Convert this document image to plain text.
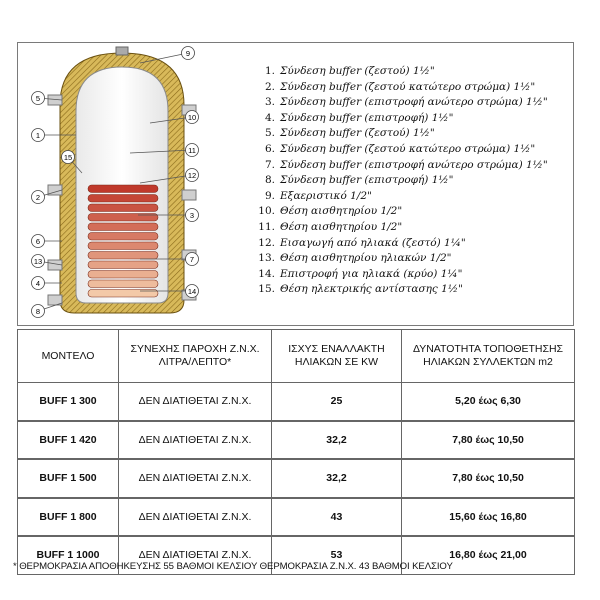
9
5
10
1
15
11
2
12
6
3
13	7
4
14
8
1. Σύνδεση buffer (ζεστού) 1½"
2. Σύνδεση buffer (ζεστού κατώτερο στρώμα) 1½"
3. Σύνδεση buffer (επιστροφή ανώτερο στρώμα) 1½"
4. Σύνδεση buffer (επιστροφή) 1½"
5. Σύνδεση buffer (ζεστού) 1½"
6. Σύνδεση buffer (ζεστού κατώτερο στρώμα) 1½"
7. Σύνδεση buffer (επιστροφή ανώτερο στρώμα) 1½"
8. Σύνδεση buffer (επιστροφή) 1½"
9. Εξαεριστικό 1/2"
10. Θέση αισθητηρίου 1/2"
11. Θέση αισθητηρίου 1/2"
12. Εισαγωγή από ηλιακά (ζεστό) 1¼"
13. Θέση αισθητηρίου ηλιακών 1/2"
14. Επιστροφή για ηλιακά (κρύο) 1¼"
15. Θέση ηλεκτρικής αντίστασης 1½"
ΜΟΝΤΕΛΟ	ΣΥΝΕΧΗΣ ΠΑΡΟΧΗ Ζ.Ν.Χ. ΛΙΤΡΑ/ΛΕΠΤΟ*	ΙΣΧΥΣ ΕΝΑΛΛΑΚΤΗ ΗΛΙΑΚΩΝ ΣΕ KW	ΔΥΝΑΤΟΤΗΤΑ ΤΟΠΟΘΕΤΗΣΗΣ ΗΛΙΑΚΩΝ ΣΥΛΛΕΚΤΩΝ m2
BUFF 1 300	ΔΕΝ ΔΙΑΤΙΘΕΤΑΙ Ζ.Ν.Χ.	25	5,20 έως 6,30

BUFF 1 420	ΔΕΝ ΔΙΑΤΙΘΕΤΑΙ Ζ.Ν.Χ.	32,2	7,80 έως 10,50

BUFF 1 500	ΔΕΝ ΔΙΑΤΙΘΕΤΑΙ Ζ.Ν.Χ.	32,2	7,80 έως 10,50

BUFF 1 800	ΔΕΝ ΔΙΑΤΙΘΕΤΑΙ Ζ.Ν.Χ.	43	15,60 έως 16,80

BUFF 1 1000	ΔΕΝ ΔΙΑΤΙΘΕΤΑΙ Ζ.Ν.Χ.	53	16,80 έως 21,00
* ΘΕΡΜΟΚΡΑΣΙΑ ΑΠΟΘΗΚΕΥΣΗΣ 55 ΒΑΘΜΟΙ ΚΕΛΣΙΟΥ ΘΕΡΜΟΚΡΑΣΙΑ Ζ.Ν.Χ. 43 ΒΑΘΜΟΙ ΚΕΛΣΙΟΥ
